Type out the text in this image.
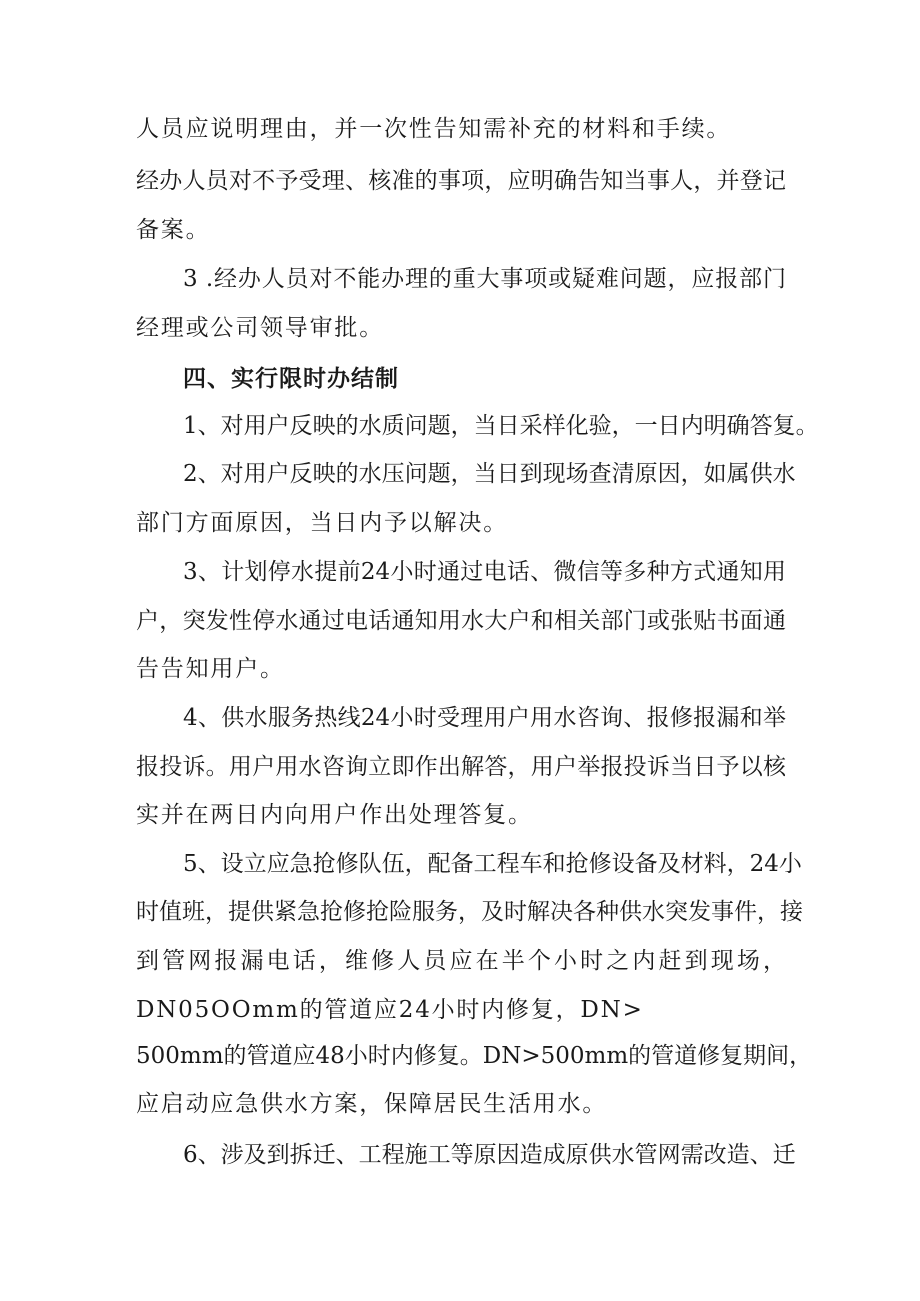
人员应说明理由，并一次性告知需补充的材料和手续。
经办人员对不予受理、核准的事项，应明确告知当事人，并登记
备案。
3 .经办人员对不能办理的重大事项或疑难问题，应报部门
经理或公司领导审批。
四、实行限时办结制
1、对用户反映的水质问题，当日采样化验，一日内明确答复。
2、对用户反映的水压问题，当日到现场查清原因，如属供水
部门方面原因，当日内予以解决。
3、计划停水提前24小时通过电话、微信等多种方式通知用
户，突发性停水通过电话通知用水大户和相关部门或张贴书面通
告告知用户。
4、供水服务热线24小时受理用户用水咨询、报修报漏和举
报投诉。用户用水咨询立即作出解答，用户举报投诉当日予以核
实并在两日内向用户作出处理答复。
5、设立应急抢修队伍，配备工程车和抢修设备及材料，24小
时值班，提供紧急抢修抢险服务，及时解决各种供水突发事件，接
到管网报漏电话，维修人员应在半个小时之内赶到现场，
DN05OOmm的管道应24小时内修复，DN>
500mm的管道应48小时内修复。DN>500mm的管道修复期间，
应启动应急供水方案，保障居民生活用水。
6、涉及到拆迁、工程施工等原因造成原供水管网需改造、迁
